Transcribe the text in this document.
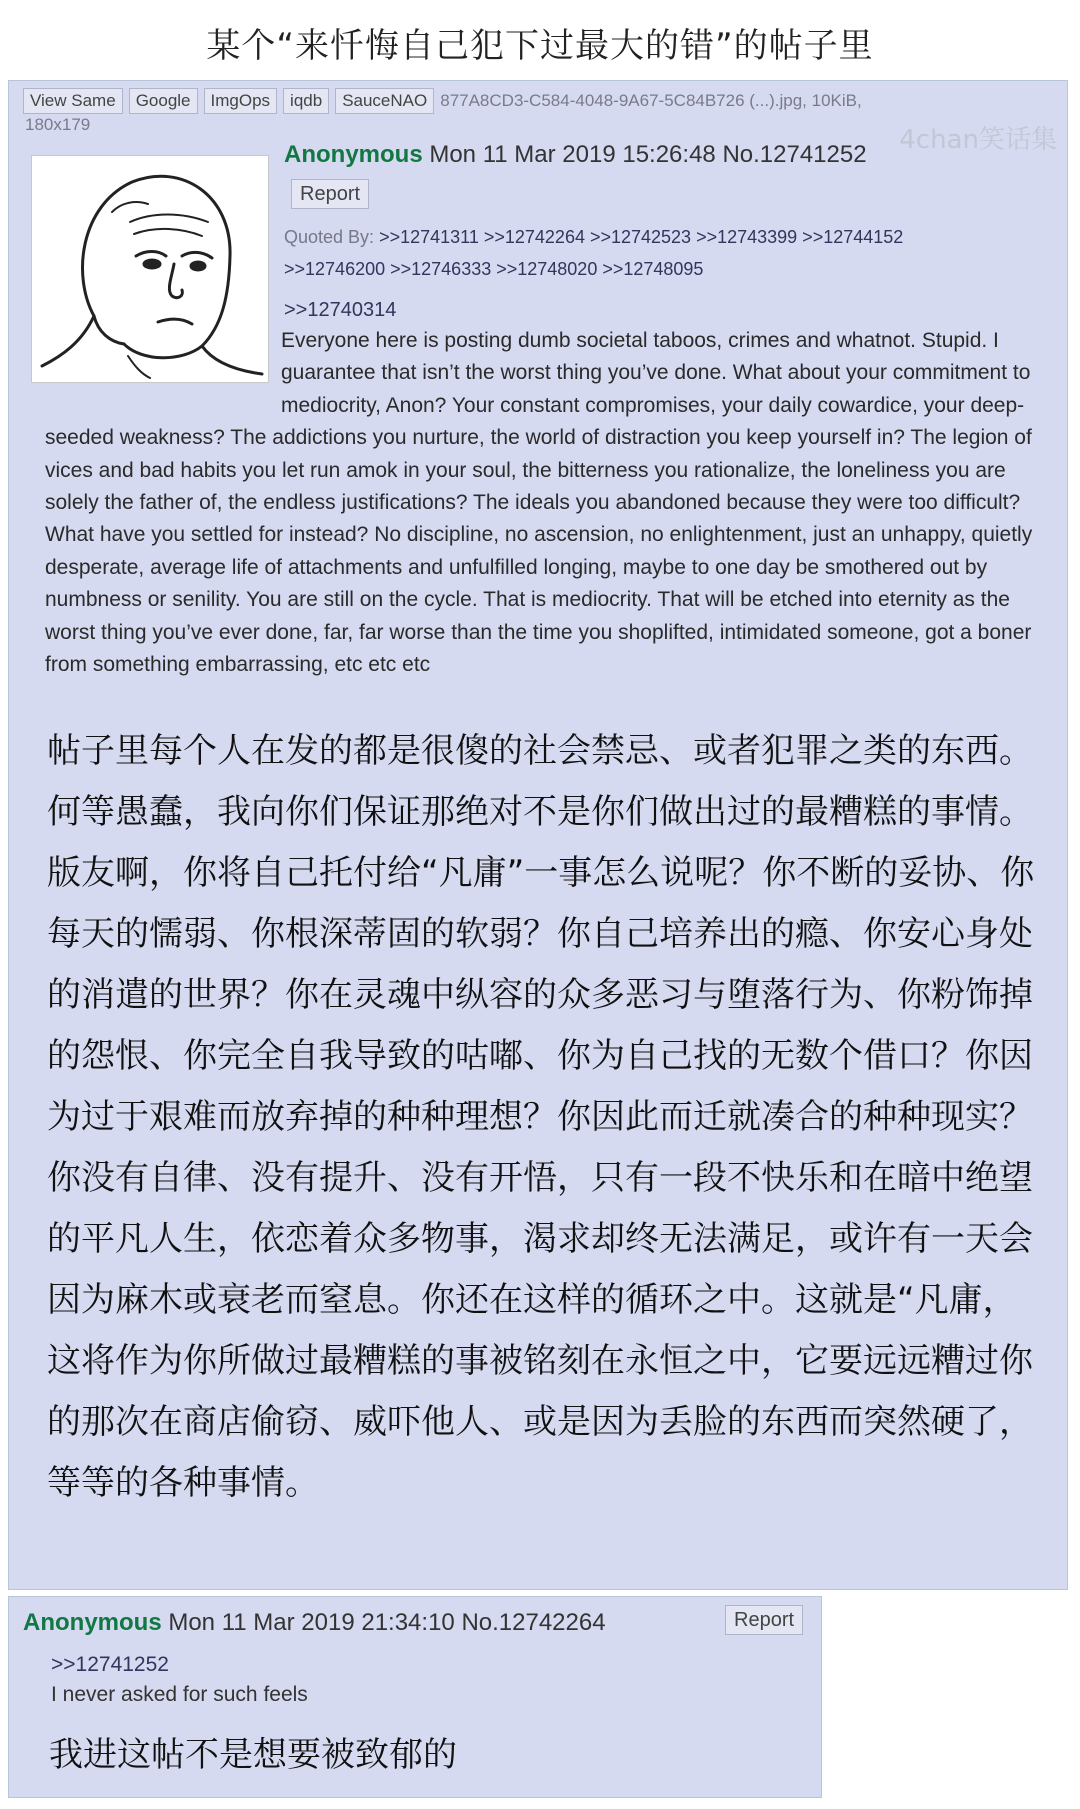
某个“来忏悔自己犯下过最大的错”的帖子里
View Same Google ImgOps iqdb SauceNAO 877A8CD3-C584-4048-9A67-5C84B726 (...).jpg, 10KiB,
180x179
4chan笑话集
Anonymous Mon 11 Mar 2019 15:26:48 No.12741252
Report
Quoted By: >>12741311 >>12742264 >>12742523 >>12743399 >>12744152
>>12746200 >>12746333 >>12748020 >>12748095
>>12740314
Everyone here is posting dumb societal taboos, crimes and whatnot. Stupid. I guarantee that isn’t the worst thing you’ve done. What about your commitment to mediocrity, Anon? Your constant compromises, your daily cowardice, your deep-seeded weakness? The addictions you nurture, the world of distraction you keep yourself in? The legion of vices and bad habits you let run amok in your soul, the bitterness you rationalize, the loneliness you are solely the father of, the endless justifications? The ideals you abandoned because they were too difficult? What have you settled for instead? No discipline, no ascension, no enlightenment, just an unhappy, quietly desperate, average life of attachments and unfulfilled longing, maybe to one day be smothered out by numbness or senility. You are still on the cycle. That is mediocrity. That will be etched into eternity as the worst thing you’ve ever done, far, far worse than the time you shoplifted, intimidated someone, got a boner from something embarrassing, etc etc etc
帖子里每个人在发的都是很傻的社会禁忌、或者犯罪之类的东西。何等愚蠢，我向你们保证那绝对不是你们做出过的最糟糕的事情。版友啊，你将自己托付给“凡庸”一事怎么说呢？你不断的妥协、你每天的懦弱、你根深蒂固的软弱？你自己培养出的瘾、你安心身处的消遣的世界？你在灵魂中纵容的众多恶习与堕落行为、你粉饰掉的怨恨、你完全自我导致的咕嘟、你为自己找的无数个借口？你因为过于艰难而放弃掉的种种理想？你因此而迁就凑合的种种现实？你没有自律、没有提升、没有开悟，只有一段不快乐和在暗中绝望的平凡人生，依恋着众多物事，渴求却终无法满足，或许有一天会因为麻木或衰老而窒息。你还在这样的循环之中。这就是“凡庸，这将作为你所做过最糟糕的事被铭刻在永恒之中，它要远远糟过你的那次在商店偷窃、威吓他人、或是因为丢脸的东西而突然硬了，等等的各种事情。
Anonymous Mon 11 Mar 2019 21:34:10 No.12742264	Report
>>12741252
I never asked for such feels
我进这帖不是想要被致郁的
